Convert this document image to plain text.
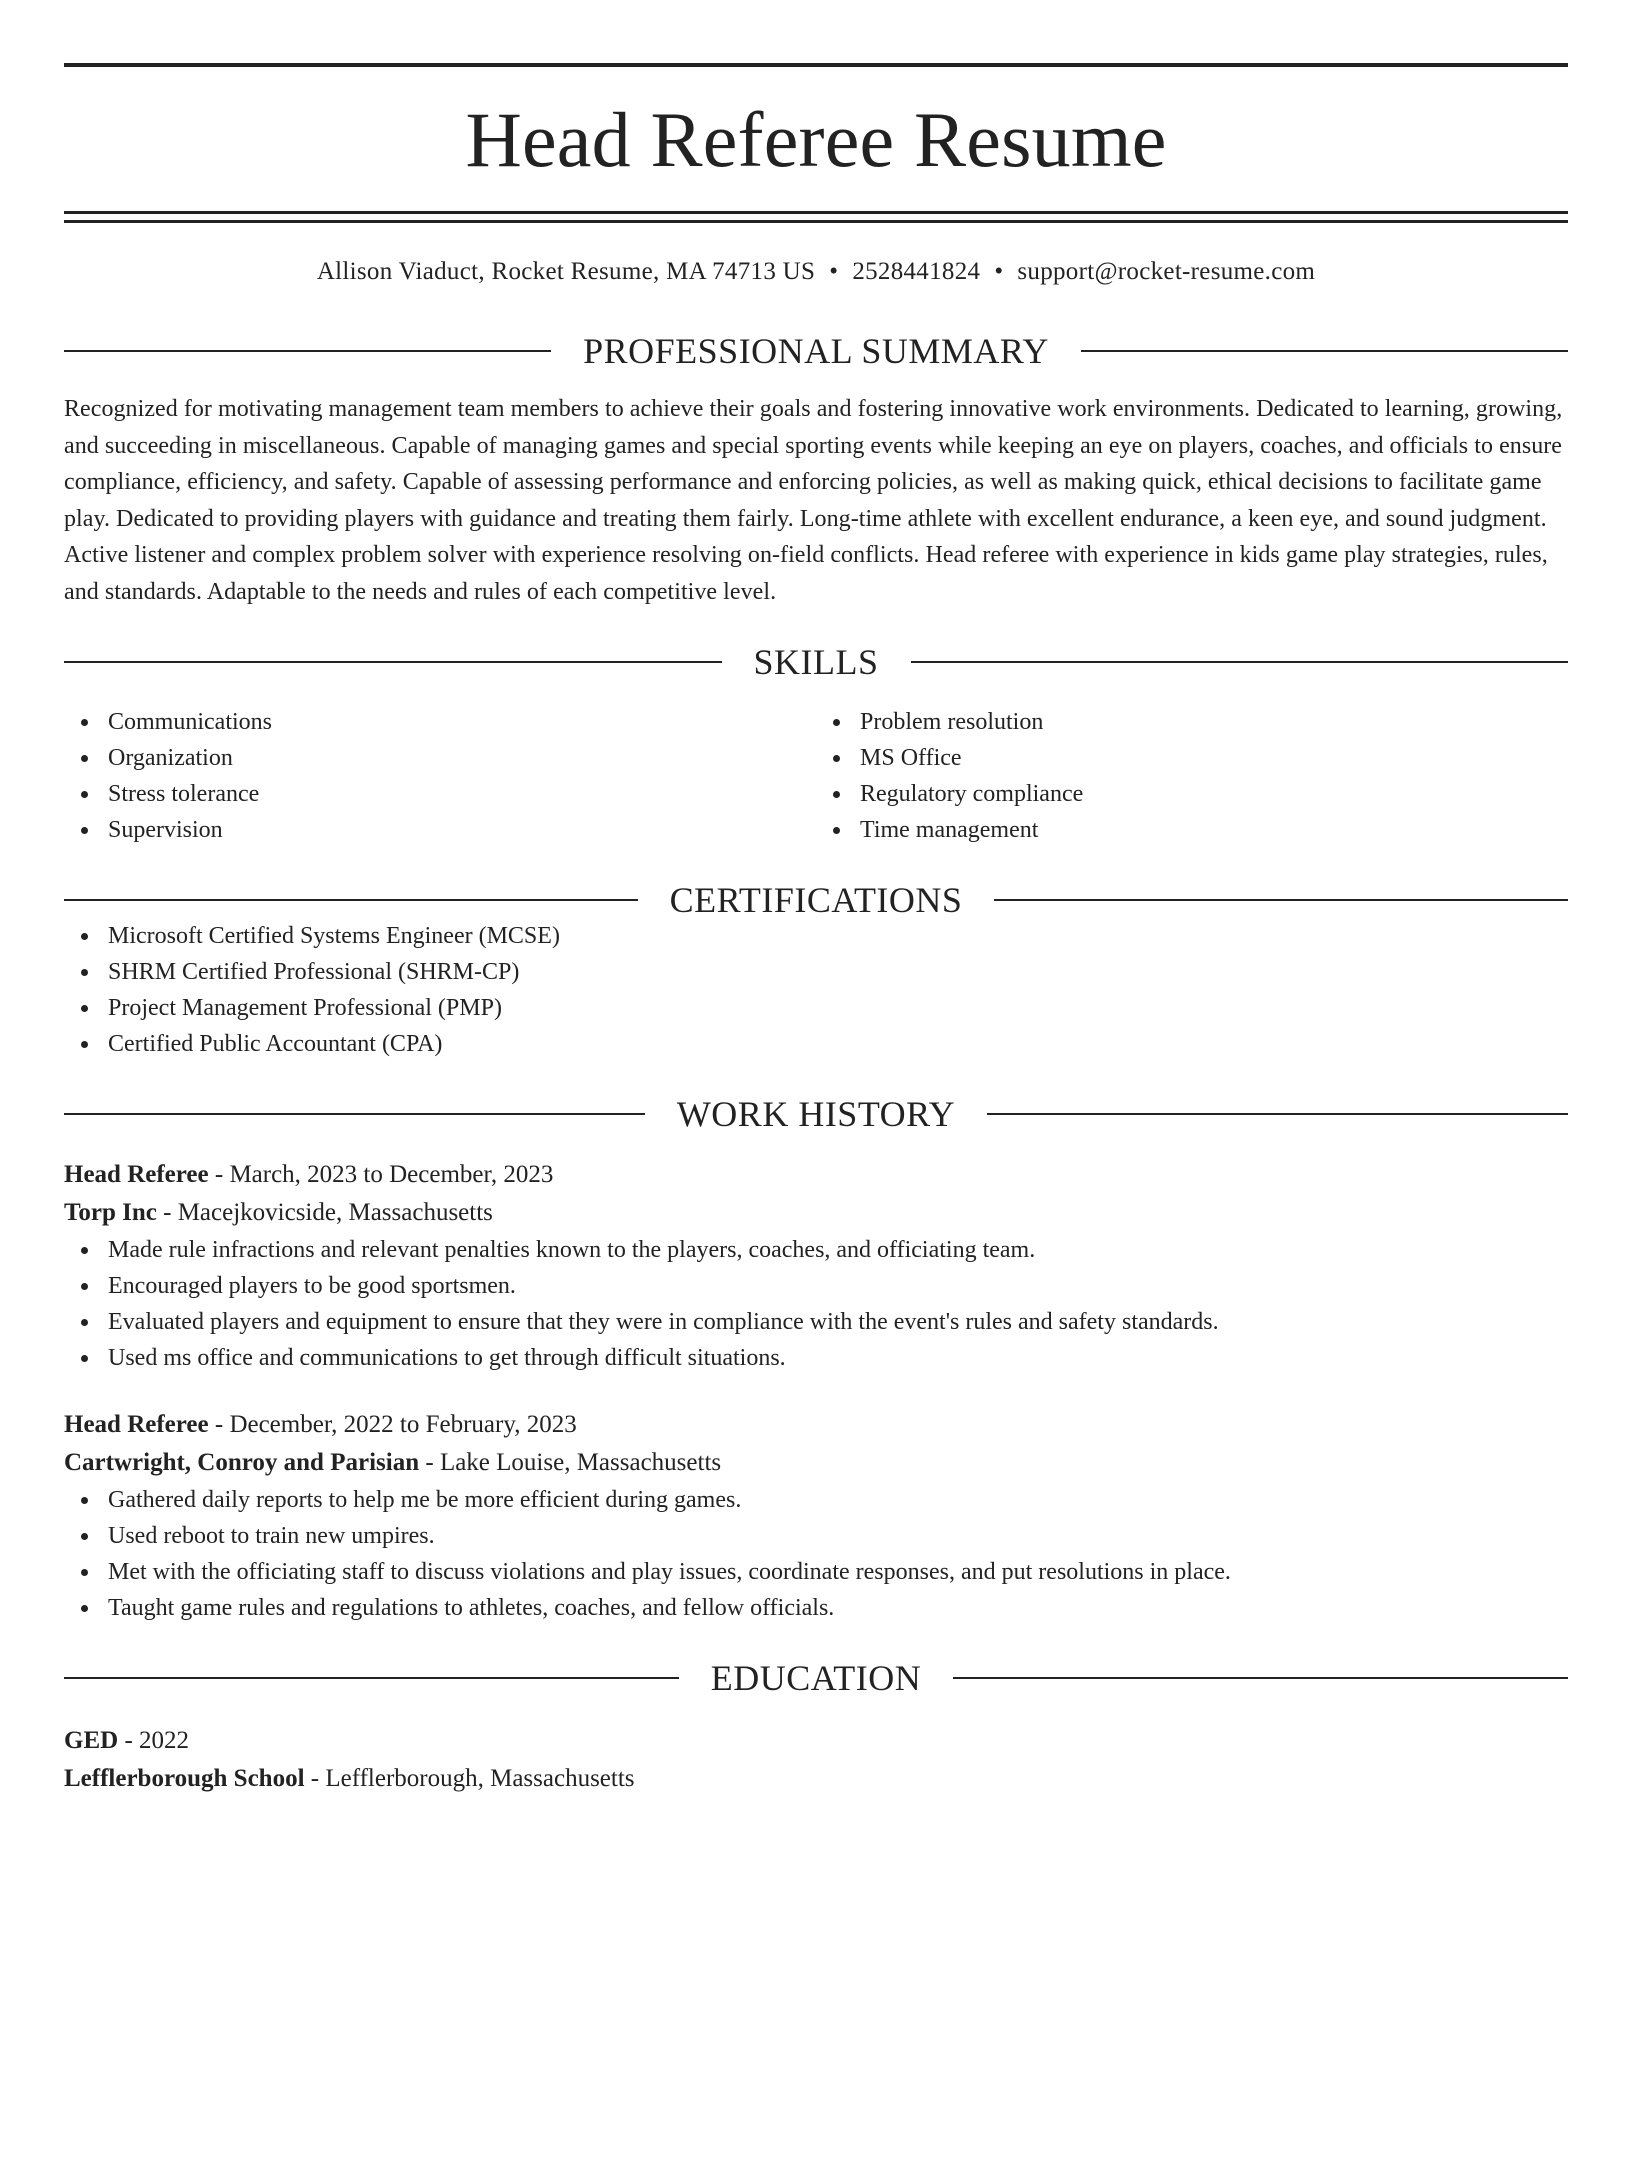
Head Referee Resume
Allison Viaduct, Rocket Resume, MA 74713 US • 2528441824 • support@rocket-resume.com
PROFESSIONAL SUMMARY
Recognized for motivating management team members to achieve their goals and fostering innovative work environments. Dedicated to learning, growing, and succeeding in miscellaneous. Capable of managing games and special sporting events while keeping an eye on players, coaches, and officials to ensure compliance, efficiency, and safety. Capable of assessing performance and enforcing policies, as well as making quick, ethical decisions to facilitate game play. Dedicated to providing players with guidance and treating them fairly. Long-time athlete with excellent endurance, a keen eye, and sound judgment. Active listener and complex problem solver with experience resolving on-field conflicts. Head referee with experience in kids game play strategies, rules, and standards. Adaptable to the needs and rules of each competitive level.
SKILLS
Communications
Organization
Stress tolerance
Supervision
Problem resolution
MS Office
Regulatory compliance
Time management
CERTIFICATIONS
Microsoft Certified Systems Engineer (MCSE)
SHRM Certified Professional (SHRM-CP)
Project Management Professional (PMP)
Certified Public Accountant (CPA)
WORK HISTORY
Head Referee - March, 2023 to December, 2023
Torp Inc - Macejkovicside, Massachusetts
Made rule infractions and relevant penalties known to the players, coaches, and officiating team.
Encouraged players to be good sportsmen.
Evaluated players and equipment to ensure that they were in compliance with the event's rules and safety standards.
Used ms office and communications to get through difficult situations.
Head Referee - December, 2022 to February, 2023
Cartwright, Conroy and Parisian - Lake Louise, Massachusetts
Gathered daily reports to help me be more efficient during games.
Used reboot to train new umpires.
Met with the officiating staff to discuss violations and play issues, coordinate responses, and put resolutions in place.
Taught game rules and regulations to athletes, coaches, and fellow officials.
EDUCATION
GED - 2022
Lefflerborough School - Lefflerborough, Massachusetts
